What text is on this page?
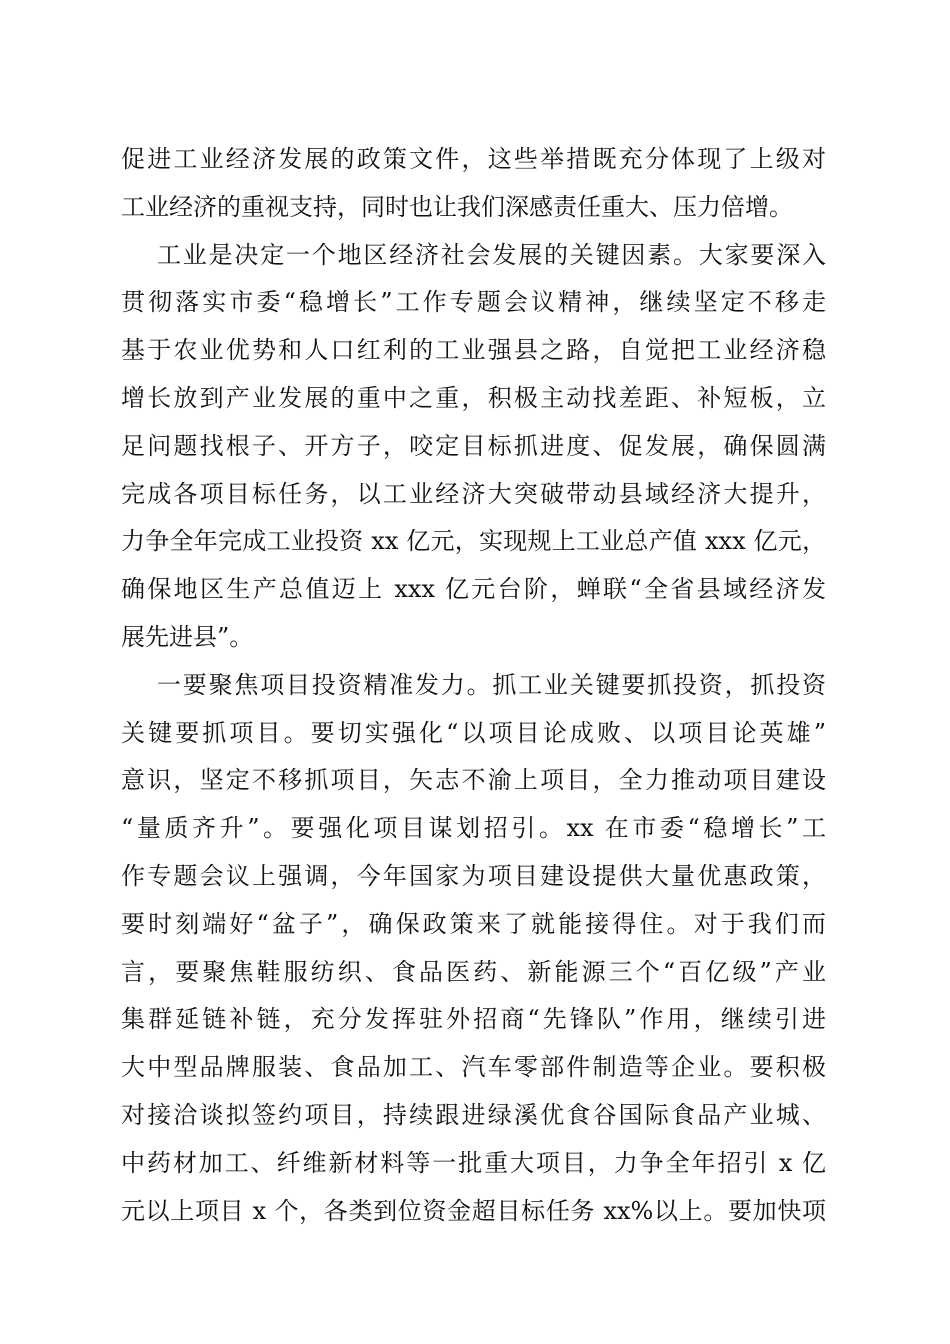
促进工业经济发展的政策文件，这些举措既充分体现了上级对
工业经济的重视支持，同时也让我们深感责任重大、压力倍增。
工业是决定一个地区经济社会发展的关键因素。大家要深入
贯彻落实市委“稳增长”工作专题会议精神，继续坚定不移走
基于农业优势和人口红利的工业强县之路，自觉把工业经济稳
增长放到产业发展的重中之重，积极主动找差距、补短板，立
足问题找根子、开方子，咬定目标抓进度、促发展，确保圆满
完成各项目标任务，以工业经济大突破带动县域经济大提升，
力争全年完成工业投资 xx 亿元，实现规上工业总产值 xxx 亿元，
确保地区生产总值迈上 xxx 亿元台阶，蝉联“全省县域经济发
展先进县”。
一要聚焦项目投资精准发力。抓工业关键要抓投资，抓投资
关键要抓项目。要切实强化“以项目论成败、以项目论英雄”
意识，坚定不移抓项目，矢志不渝上项目，全力推动项目建设
“量质齐升”。要强化项目谋划招引。xx 在市委“稳增长”工
作专题会议上强调，今年国家为项目建设提供大量优惠政策，
要时刻端好“盆子”，确保政策来了就能接得住。对于我们而
言，要聚焦鞋服纺织、食品医药、新能源三个“百亿级”产业
集群延链补链，充分发挥驻外招商“先锋队”作用，继续引进
大中型品牌服装、食品加工、汽车零部件制造等企业。要积极
对接洽谈拟签约项目，持续跟进绿溪优食谷国际食品产业城、
中药材加工、纤维新材料等一批重大项目，力争全年招引 x 亿
元以上项目 x 个，各类到位资金超目标任务 xx%以上。要加快项
